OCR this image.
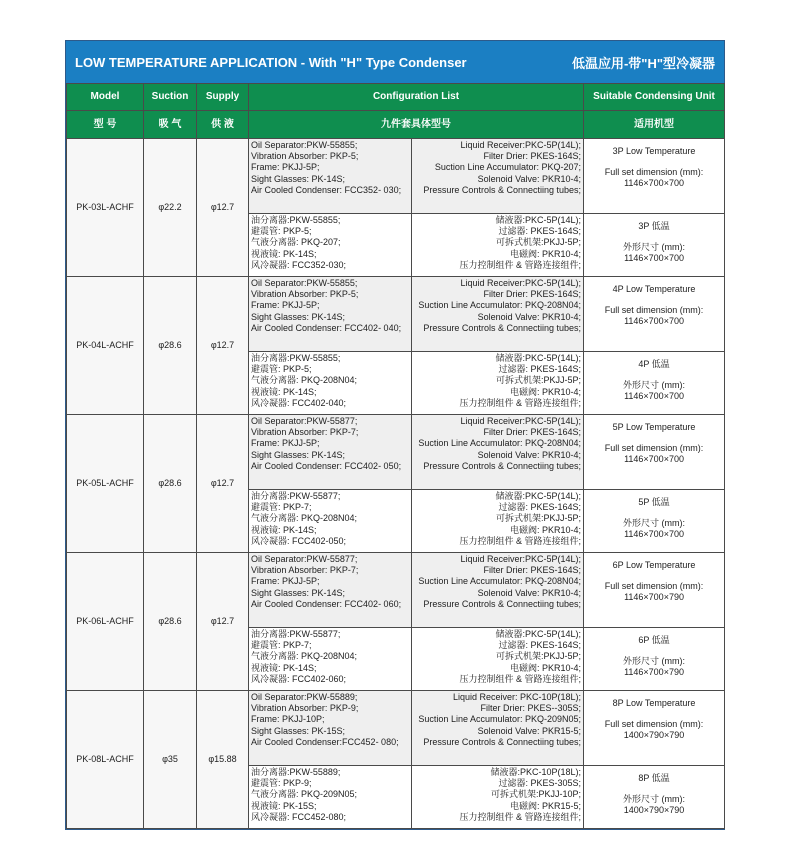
LOW TEMPERATURE APPLICATION - With "H" Type Condenser	低温应用-带"H"型冷凝器
Model	Suction	Supply	Configuration List		Suitable Condensing Unit
型 号	吸 气	供 液	九件套具体型号		适用机型
PK-03L-ACHF	φ22.2	φ12.7	Oil Separator:PKW-55855;
Vibration Absorber: PKP-5;
Frame: PKJJ-5P;
Sight Glasses: PK-14S;
Air Cooled Condenser: FCC352- 030;	Liquid Receiver:PKC-5P(14L);
Filter Drier: PKES-164S;
Suction Line Accumulator: PKQ-207;
Solenoid Valve: PKR10-4;
Pressure Controls & Connectiing tubes;	3P Low Temperature
Full set dimension (mm):
1146×700×700

			油分离器:PKW-55855;
避震管: PKP-5;
气液分离器: PKQ-207;
视液镜: PK-14S;
风冷凝器: FCC352-030;	储液器:PKC-5P(14L);
过滤器: PKES-164S;
可拆式机架:PKJJ-5P;
电磁阀: PKR10-4;
压力控制组件 & 管路连接组件;	3P 低温
外形尺寸 (mm):
1146×700×700

PK-04L-ACHF	φ28.6	φ12.7	Oil Separator:PKW-55855;
Vibration Absorber: PKP-5;
Frame: PKJJ-5P;
Sight Glasses: PK-14S;
Air Cooled Condenser: FCC402- 040;	Liquid Receiver:PKC-5P(14L);
Filter Drier: PKES-164S;
Suction Line Accumulator: PKQ-208N04;
Solenoid Valve: PKR10-4;
Pressure Controls & Connectiing tubes;	4P Low Temperature
Full set dimension (mm):
1146×700×700

			油分离器:PKW-55855;
避震管: PKP-5;
气液分离器: PKQ-208N04;
视液镜: PK-14S;
风冷凝器: FCC402-040;	储液器:PKC-5P(14L);
过滤器: PKES-164S;
可拆式机架:PKJJ-5P;
电磁阀: PKR10-4;
压力控制组件 & 管路连接组件;	4P 低温
外形尺寸 (mm):
1146×700×700

PK-05L-ACHF	φ28.6	φ12.7	Oil Separator:PKW-55877;
Vibration Absorber: PKP-7;
Frame: PKJJ-5P;
Sight Glasses: PK-14S;
Air Cooled Condenser: FCC402- 050;	Liquid Receiver:PKC-5P(14L);
Filter Drier: PKES-164S;
Suction Line Accumulator: PKQ-208N04;
Solenoid Valve: PKR10-4;
Pressure Controls & Connectiing tubes;	5P Low Temperature
Full set dimension (mm):
1146×700×700

			油分离器:PKW-55877;
避震管: PKP-7;
气液分离器: PKQ-208N04;
视液镜: PK-14S;
风冷凝器: FCC402-050;	储液器:PKC-5P(14L);
过滤器: PKES-164S;
可拆式机架:PKJJ-5P;
电磁阀: PKR10-4;
压力控制组件 & 管路连接组件;	5P 低温
外形尺寸 (mm):
1146×700×700

PK-06L-ACHF	φ28.6	φ12.7	Oil Separator:PKW-55877;
Vibration Absorber: PKP-7;
Frame: PKJJ-5P;
Sight Glasses: PK-14S;
Air Cooled Condenser: FCC402- 060;	Liquid Receiver:PKC-5P(14L);
Filter Drier: PKES-164S;
Suction Line Accumulator: PKQ-208N04;
Solenoid Valve: PKR10-4;
Pressure Controls & Connectiing tubes;	6P Low Temperature
Full set dimension (mm):
1146×700×790

			油分离器:PKW-55877;
避震管: PKP-7;
气液分离器: PKQ-208N04;
视液镜: PK-14S;
风冷凝器: FCC402-060;	储液器:PKC-5P(14L);
过滤器: PKES-164S;
可拆式机架:PKJJ-5P;
电磁阀: PKR10-4;
压力控制组件 & 管路连接组件;	6P 低温
外形尺寸 (mm):
1146×700×790

PK-08L-ACHF	φ35	φ15.88	Oil Separator:PKW-55889;
Vibration Absorber: PKP-9;
Frame: PKJJ-10P;
Sight Glasses: PK-15S;
Air Cooled Condenser:FCC452- 080;	Liquid Receiver: PKC-10P(18L);
Filter Drier: PKES--305S;
Suction Line Accumulator: PKQ-209N05;
Solenoid Valve: PKR15-5;
Pressure Controls & Connectiing tubes;	8P Low Temperature
Full set dimension (mm):
1400×790×790

			油分离器:PKW-55889;
避震管: PKP-9;
气液分离器: PKQ-209N05;
视液镜: PK-15S;
风冷凝器: FCC452-080;	储液器:PKC-10P(18L);
过滤器: PKES-305S;
可拆式机架:PKJJ-10P;
电磁阀: PKR15-5;
压力控制组件 & 管路连接组件;	8P 低温
外形尺寸 (mm):
1400×790×790
